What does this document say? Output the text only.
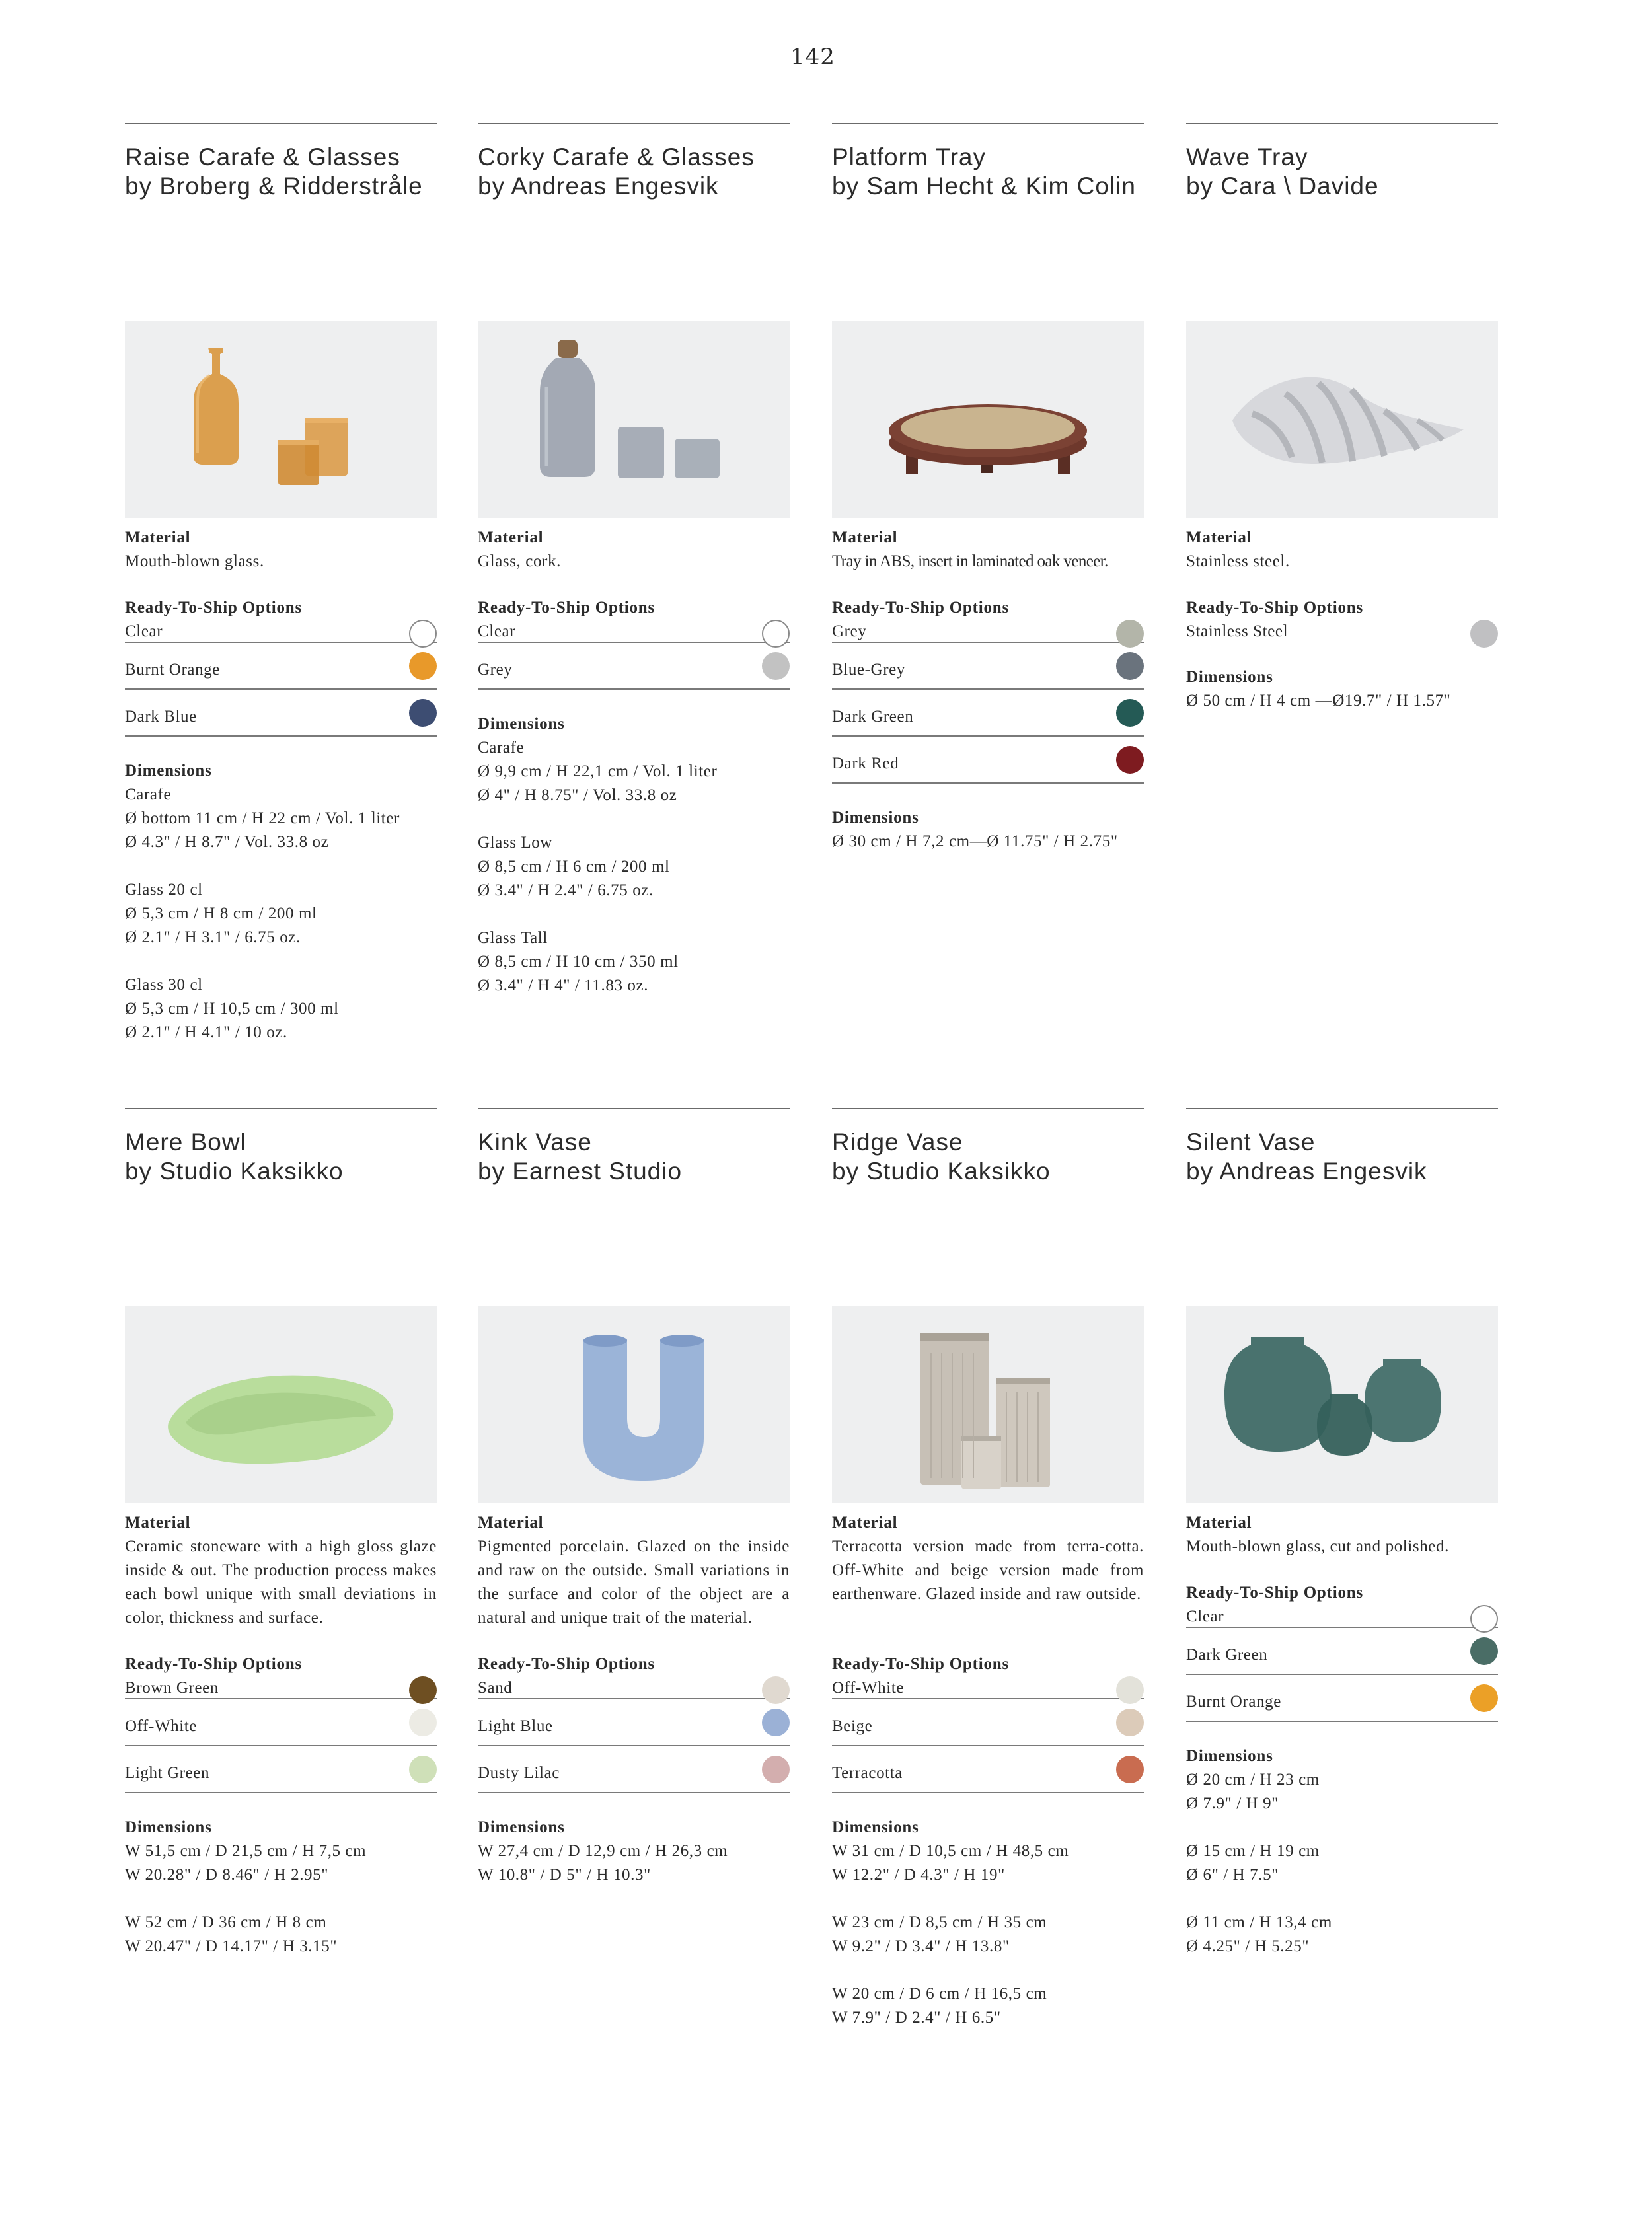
142
Raise Carafe & Glasses
by Broberg & Ridderstråle
Material
Mouth-blown glass.
Ready-To-Ship Options
Clear
Burnt Orange
Dark Blue
Dimensions
Carafe
Ø bottom 11 cm / H 22 cm / Vol. 1 liter
Ø 4.3" / H 8.7" / Vol. 33.8 oz
Glass 20 cl
Ø 5,3 cm / H 8 cm / 200 ml
Ø 2.1" / H 3.1" / 6.75 oz.
Glass 30 cl
Ø 5,3 cm / H 10,5 cm / 300 ml
Ø 2.1" / H 4.1" / 10 oz.
Corky Carafe & Glasses
by Andreas Engesvik
Material
Glass, cork.
Ready-To-Ship Options
Clear
Grey
Dimensions
Carafe
Ø 9,9 cm / H 22,1 cm / Vol. 1 liter
Ø 4" / H 8.75" / Vol. 33.8 oz
Glass Low
Ø 8,5 cm / H 6 cm / 200 ml
Ø 3.4" / H 2.4" / 6.75 oz.
Glass Tall
Ø 8,5 cm / H 10 cm / 350 ml
Ø 3.4" / H 4" / 11.83 oz.
Platform Tray
by Sam Hecht & Kim Colin
Material
Tray in ABS, insert in laminated oak veneer.
Ready-To-Ship Options
Grey
Blue-Grey
Dark Green
Dark Red
Dimensions
Ø 30 cm / H 7,2 cm—Ø 11.75" / H 2.75"
Wave Tray
by Cara \ Davide
Material
Stainless steel.
Ready-To-Ship Options
Stainless Steel
Dimensions
Ø 50 cm / H 4 cm —Ø19.7" / H 1.57''
Mere Bowl
by Studio Kaksikko
Material
Ceramic stoneware with a high gloss glaze inside & out. The production process makes each bowl unique with small deviations in color, thickness and surface.
Ready-To-Ship Options
Brown Green
Off-White
Light Green
Dimensions
W 51,5 cm / D 21,5 cm / H 7,5 cm
W 20.28" / D 8.46" / H 2.95"
W 52 cm / D 36 cm / H 8 cm
W 20.47" / D 14.17" / H 3.15"
Kink Vase
by Earnest Studio
Material
Pigmented porcelain. Glazed on the inside and raw on the outside. Small variations in the surface and color of the object are a natural and unique trait of the material.
Ready-To-Ship Options
Sand
Light Blue
Dusty Lilac
Dimensions
W 27,4 cm / D 12,9 cm / H 26,3 cm
W 10.8" / D 5" / H 10.3"
Ridge Vase
by Studio Kaksikko
Material
Terracotta version made from terra-cotta. Off-White and beige version made from earthenware. Glazed inside and raw outside.
Ready-To-Ship Options
Off-White
Beige
Terracotta
Dimensions
W 31 cm / D 10,5 cm / H 48,5 cm
W 12.2" / D 4.3" / H 19"
W 23 cm / D 8,5 cm / H 35 cm
W 9.2" / D 3.4" / H 13.8"
W 20 cm / D 6 cm / H 16,5 cm
W 7.9" / D 2.4" / H 6.5"
Silent Vase
by Andreas Engesvik
Material
Mouth-blown glass, cut and polished.
Ready-To-Ship Options
Clear
Dark Green
Burnt Orange
Dimensions
Ø 20 cm / H 23 cm
Ø 7.9" / H 9"
Ø 15 cm / H 19 cm
Ø 6" / H 7.5"
Ø 11 cm / H 13,4 cm
Ø 4.25" / H 5.25"
